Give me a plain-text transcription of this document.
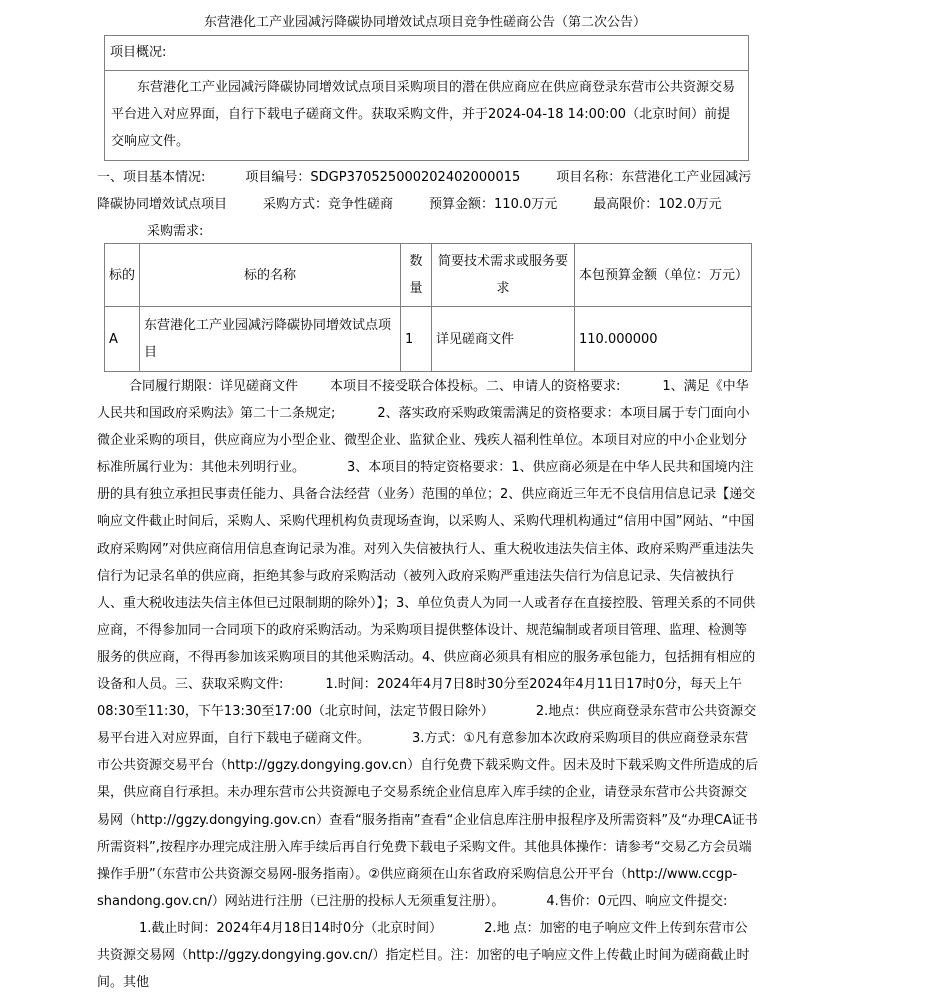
东营港化工产业园减污降碳协同增效试点项目竞争性磋商公告（第二次公告）
项目概况:
东营港化工产业园减污降碳协同增效试点项目采购项目的潜在供应商应在供应商登录东营市公共资源交易平台进入对应界面，自行下载电子磋商文件。获取采购文件，并于2024-04-18 14:00:00（北京时间）前提交响应文件。
一、项目基本情况:	项目编号：SDGP370525000202402000015	项目名称：东营港化工产业园减污降碳协同增效试点项目	采购方式：竞争性磋商	预算金额：110.0万元	最高限价：102.0万元采购需求:
标的	标的名称	数量	简要技术需求或服务要求	本包预算金额（单位：万元）
A	东营港化工产业园减污降碳协同增效试点项目	1	详见磋商文件	110.000000
合同履行期限：详见磋商文件 本项目不接受联合体投标。二、申请人的资格要求:	1、满足《中华人民共和国政府采购法》第二十二条规定;	2、落实政府采购政策需满足的资格要求：本项目属于专门面向小微企业采购的项目，供应商应为小型企业、微型企业、监狱企业、残疾人福利性单位。本项目对应的中小企业划分标准所属行业为：其他未列明行业。	3、本项目的特定资格要求：1、供应商必须是在中华人民共和国境内注册的具有独立承担民事责任能力、具备合法经营（业务）范围的单位；2、供应商近三年无不良信用信息记录【递交响应文件截止时间后，采购人、采购代理机构负责现场查询，以采购人、采购代理机构通过“信用中国”网站、“中国政府采购网”对供应商信用信息查询记录为准。对列入失信被执行人、重大税收违法失信主体、政府采购严重违法失信行为记录名单的供应商，拒绝其参与政府采购活动（被列入政府采购严重违法失信行为信息记录、失信被执行人、重大税收违法失信主体但已过限制期的除外）】；3、单位负责人为同一人或者存在直接控股、管理关系的不同供应商，不得参加同一合同项下的政府采购活动。为采购项目提供整体设计、规范编制或者项目管理、监理、检测等服务的供应商，不得再参加该采购项目的其他采购活动。4、供应商必须具有相应的服务承包能力，包括拥有相应的设备和人员。三、获取采购文件:	1.时间：2024年4月7日8时30分至2024年4月11日17时0分，每天上午08:30至11:30，下午13:30至17:00（北京时间，法定节假日除外）	2.地点：供应商登录东营市公共资源交易平台进入对应界面，自行下载电子磋商文件。	3.方式：①凡有意参加本次政府采购项目的供应商登录东营市公共资源交易平台（http://ggzy.dongying.gov.cn）自行免费下载采购文件。因未及时下载采购文件所造成的后果，供应商自行承担。未办理东营市公共资源电子交易系统企业信息库入库手续的企业，请登录东营市公共资源交易网（http://ggzy.dongying.gov.cn）查看“服务指南”查看“企业信息库注册申报程序及所需资料”及“办理CA证书所需资料”,按程序办理完成注册入库手续后再自行免费下载电子采购文件。其他具体操作：请参考“交易乙方会员端操作手册”（东营市公共资源交易网-服务指南）。②供应商须在山东省政府采购信息公开平台（http://www.ccgp-shandong.gov.cn/）网站进行注册（已注册的投标人无须重复注册）。	4.售价：0元四、响应文件提交:1.截止时间：2024年4月18日14时0分（北京时间）	2.地 点：加密的电子响应文件上传到东营市公共资源交易网（http://ggzy.dongying.gov.cn/）指定栏目。注：加密的电子响应文件上传截止时间为磋商截止时间。其他
